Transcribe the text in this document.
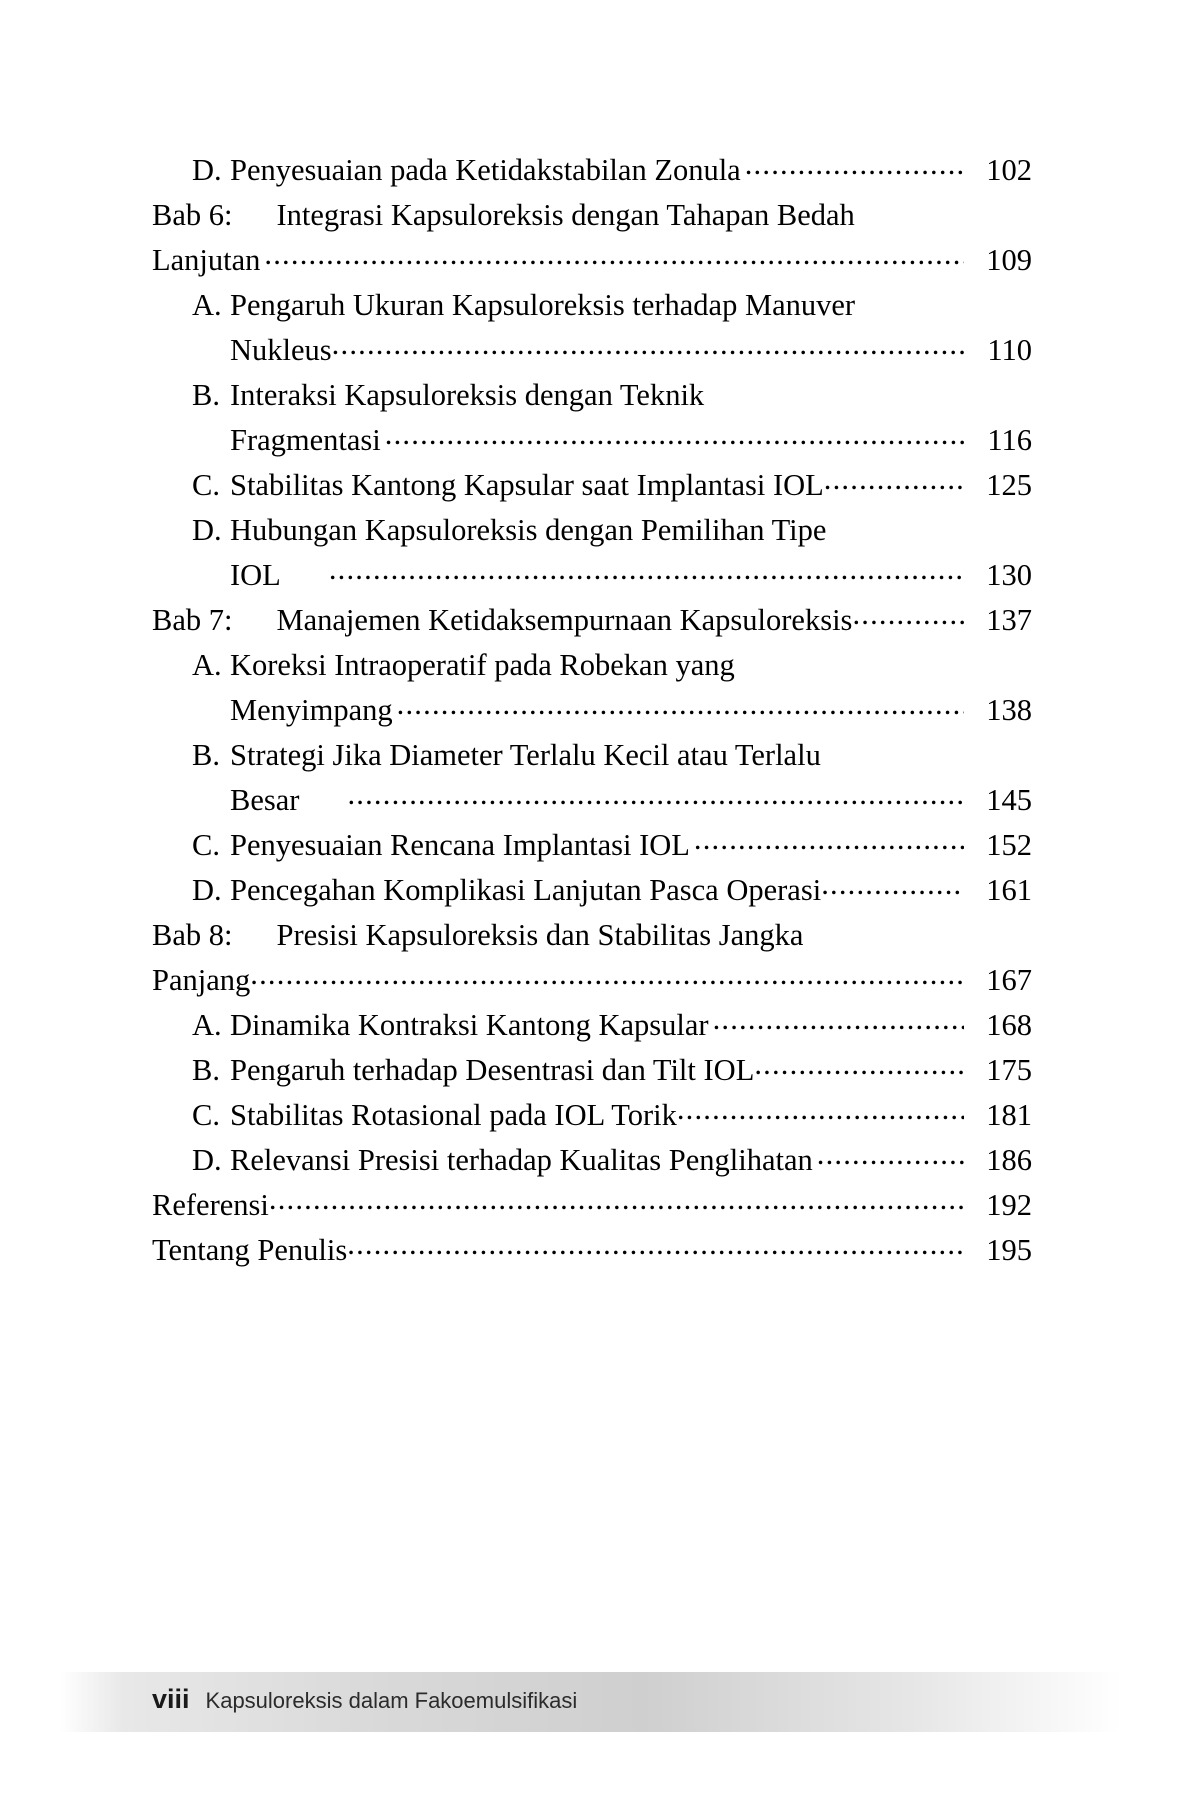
D. Penyesuaian pada Ketidakstabilan Zonula .....	102
Bab 6: Integrasi Kapsuloreksis dengan Tahapan Bedah
Lanjutan .....	109
A. Pengaruh Ukuran Kapsuloreksis terhadap Manuver
Nukleus .....	110
B. Interaksi Kapsuloreksis dengan Teknik
Fragmentasi .....	116
C. Stabilitas Kantong Kapsular saat Implantasi IOL .....	125
D. Hubungan Kapsuloreksis dengan Pemilihan Tipe
IOL .....	130
Bab 7: Manajemen Ketidaksempurnaan Kapsuloreksis .....	137
A. Koreksi Intraoperatif pada Robekan yang
Menyimpang .....	138
B. Strategi Jika Diameter Terlalu Kecil atau Terlalu
Besar .....	145
C. Penyesuaian Rencana Implantasi IOL .....	152
D. Pencegahan Komplikasi Lanjutan Pasca Operasi .....	161
Bab 8: Presisi Kapsuloreksis dan Stabilitas Jangka
Panjang .....	167
A. Dinamika Kontraksi Kantong Kapsular .....	168
B. Pengaruh terhadap Desentrasi dan Tilt IOL .....	175
C. Stabilitas Rotasional pada IOL Torik .....	181
D. Relevansi Presisi terhadap Kualitas Penglihatan .....	186
Referensi .....	192
Tentang Penulis .....	195
viii Kapsuloreksis dalam Fakoemulsifikasi
